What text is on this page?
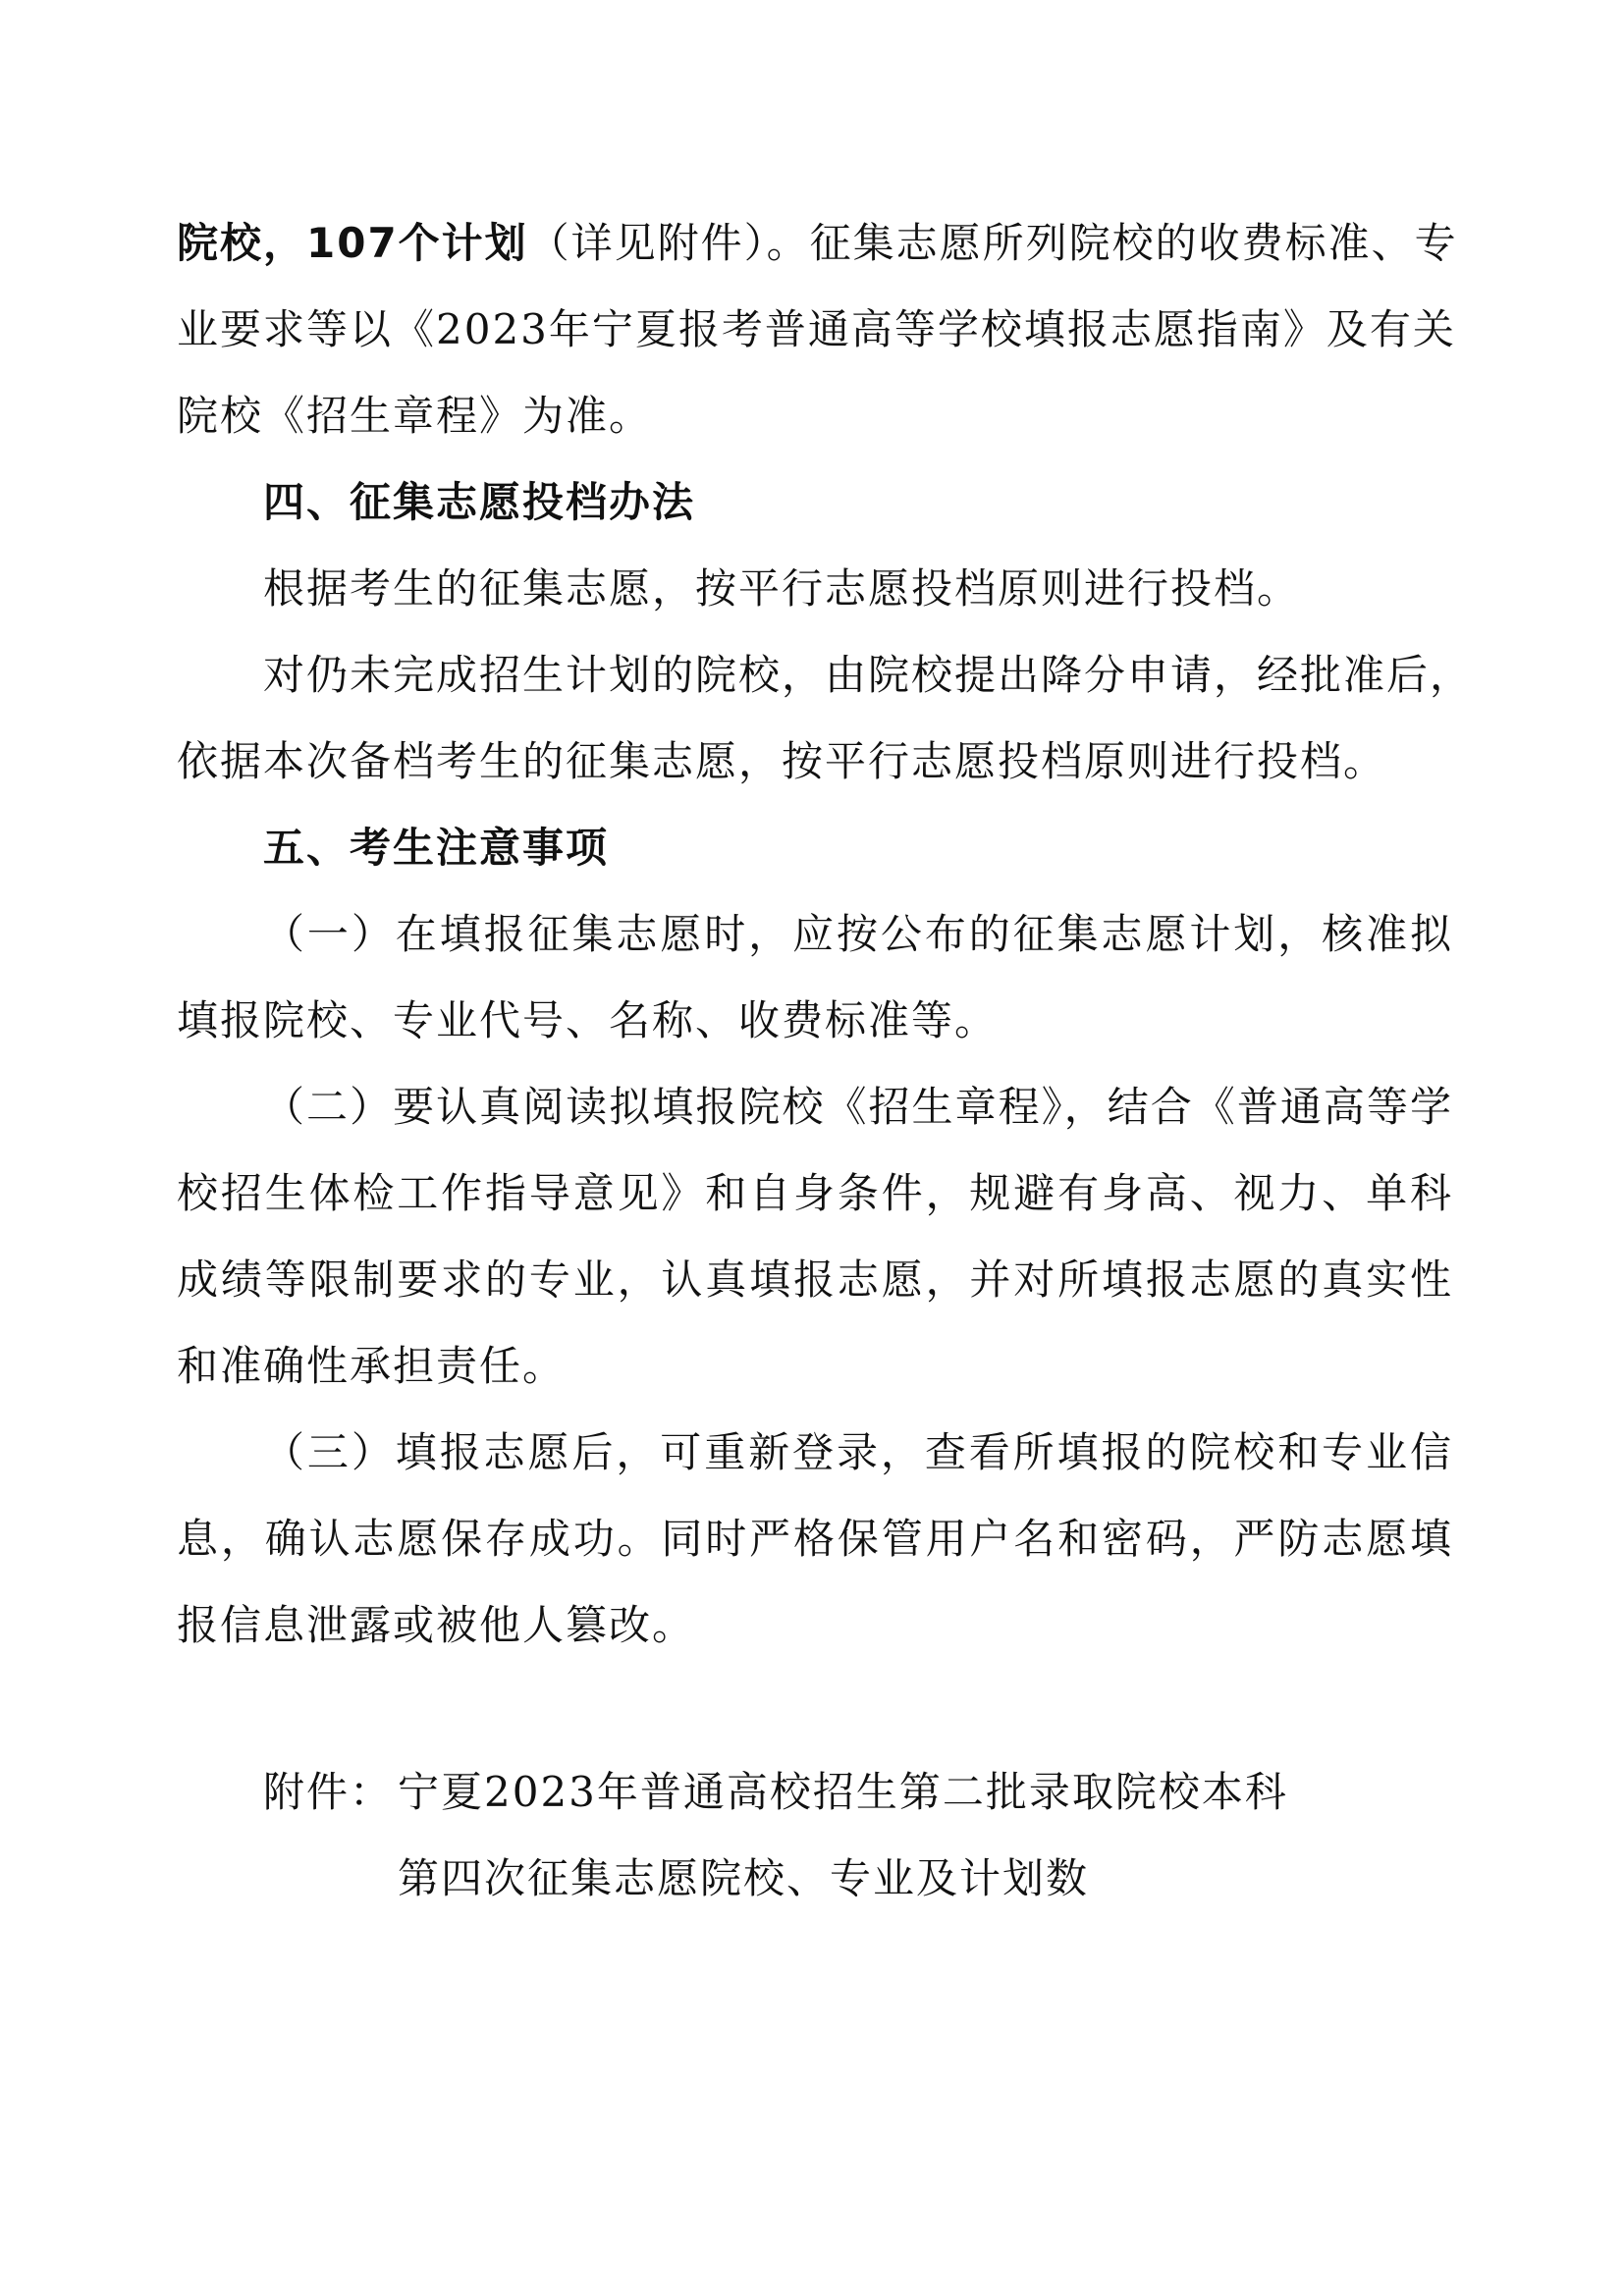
院校，107个计划（详见附件）。征集志愿所列院校的收费标准、专
业要求等以《2023年宁夏报考普通高等学校填报志愿指南》及有关
院校《招生章程》为准。
四、征集志愿投档办法
根据考生的征集志愿，按平行志愿投档原则进行投档。
对仍未完成招生计划的院校，由院校提出降分申请，经批准后，
依据本次备档考生的征集志愿，按平行志愿投档原则进行投档。
五、考生注意事项
（一）在填报征集志愿时，应按公布的征集志愿计划，核准拟
填报院校、专业代号、名称、收费标准等。
（二）要认真阅读拟填报院校《招生章程》，结合《普通高等学
校招生体检工作指导意见》和自身条件，规避有身高、视力、单科
成绩等限制要求的专业，认真填报志愿，并对所填报志愿的真实性
和准确性承担责任。
（三）填报志愿后，可重新登录，查看所填报的院校和专业信
息，确认志愿保存成功。同时严格保管用户名和密码，严防志愿填
报信息泄露或被他人篡改。
附件： 宁夏2023年普通高校招生第二批录取院校本科
第四次征集志愿院校、专业及计划数
